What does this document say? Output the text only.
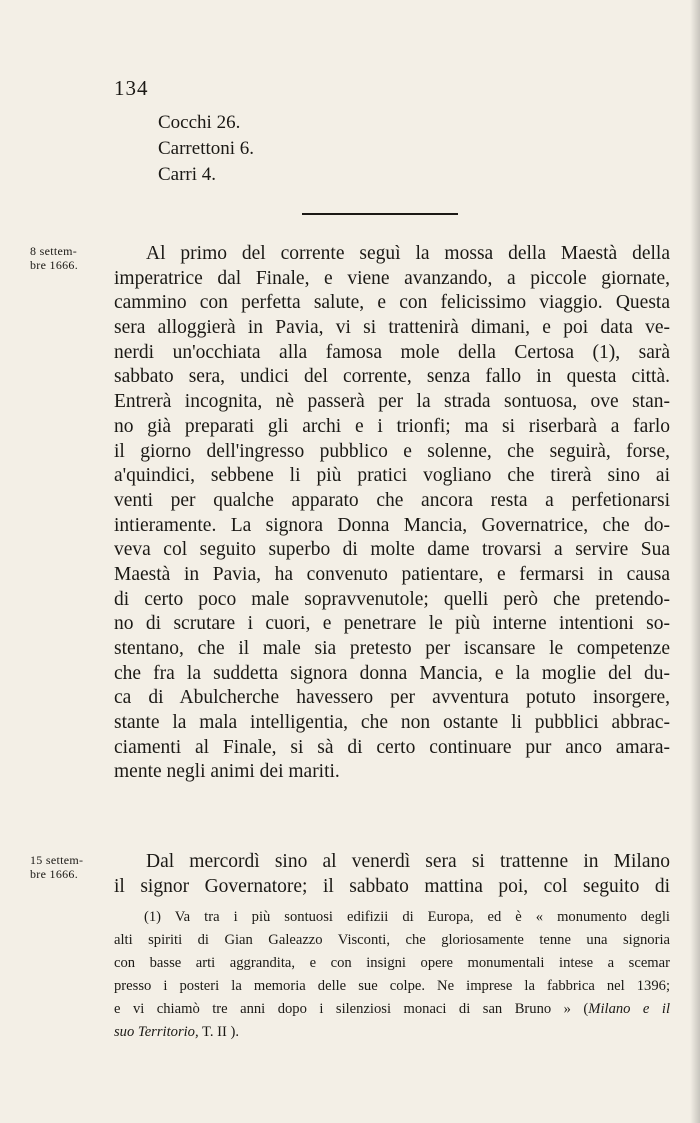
134
Cocchi 26.
Carrettoni 6.
Carri 4.
8 settem-
bre 1666.
Al primo del corrente seguì la mossa della Maestà della
imperatrice dal Finale, e viene avanzando, a piccole giornate,
cammino con perfetta salute, e con felicissimo viaggio. Questa
sera alloggierà in Pavia, vi si trattenirà dimani, e poi data ve-
nerdi un'occhiata alla famosa mole della Certosa (1), sarà
sabbato sera, undici del corrente, senza fallo in questa città.
Entrerà incognita, nè passerà per la strada sontuosa, ove stan-
no già preparati gli archi e i trionfi; ma si riserbarà a farlo
il giorno dell'ingresso pubblico e solenne, che seguirà, forse,
a'quindici, sebbene li più pratici vogliano che tirerà sino ai
venti per qualche apparato che ancora resta a perfetionarsi
intieramente. La signora Donna Mancia, Governatrice, che do-
veva col seguito superbo di molte dame trovarsi a servire Sua
Maestà in Pavia, ha convenuto patientare, e fermarsi in causa
di certo poco male sopravvenutole; quelli però che pretendo-
no di scrutare i cuori, e penetrare le più interne intentioni so-
stentano, che il male sia pretesto per iscansare le competenze
che fra la suddetta signora donna Mancia, e la moglie del du-
ca di Abulcherche havessero per avventura potuto insorgere,
stante la mala intelligentia, che non ostante li pubblici abbrac-
ciamenti al Finale, si sà di certo continuare pur anco amara-
mente negli animi dei mariti.
15 settem-
bre 1666.
Dal mercordì sino al venerdì sera si trattenne in Milano
il signor Governatore; il sabbato mattina poi, col seguito di
(1) Va tra i più sontuosi edifizii di Europa, ed è « monumento degli
alti spiriti di Gian Galeazzo Visconti, che gloriosamente tenne una signoria
con basse arti aggrandita, e con insigni opere monumentali intese a scemar
presso i posteri la memoria delle sue colpe. Ne imprese la fabbrica nel 1396;
e vi chiamò tre anni dopo i silenziosi monaci di san Bruno » (Milano e il
suo Territorio, T. II ).
